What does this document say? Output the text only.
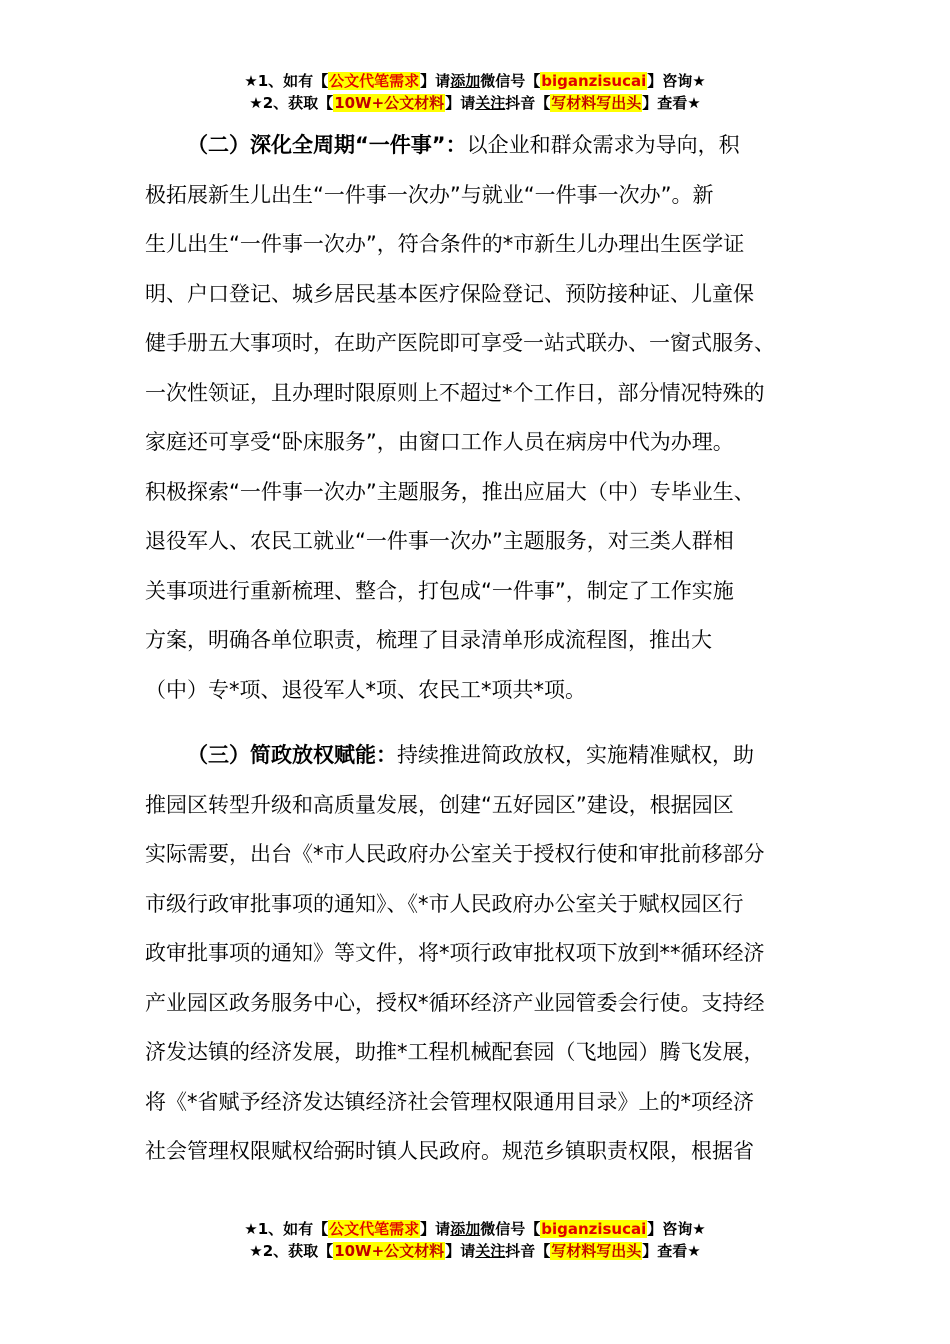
★1、如有【公文代笔需求】请添加微信号【biganzisucai】咨询★
★2、获取【10W+公文材料】请关注抖音【写材料写出头】查看★
（二）深化全周期“一件事”：以企业和群众需求为导向，积
极拓展新生儿出生“一件事一次办”与就业“一件事一次办”。新
生儿出生“一件事一次办”，符合条件的*市新生儿办理出生医学证
明、户口登记、城乡居民基本医疗保险登记、预防接种证、儿童保
健手册五大事项时，在助产医院即可享受一站式联办、一窗式服务、
一次性领证，且办理时限原则上不超过*个工作日，部分情况特殊的
家庭还可享受“卧床服务”，由窗口工作人员在病房中代为办理。
积极探索“一件事一次办”主题服务，推出应届大（中）专毕业生、
退役军人、农民工就业“一件事一次办”主题服务，对三类人群相
关事项进行重新梳理、整合，打包成“一件事”，制定了工作实施
方案，明确各单位职责，梳理了目录清单形成流程图，推出大
（中）专*项、退役军人*项、农民工*项共*项。
（三）简政放权赋能：持续推进简政放权，实施精准赋权，助
推园区转型升级和高质量发展，创建“五好园区”建设，根据园区
实际需要，出台《*市人民政府办公室关于授权行使和审批前移部分
市级行政审批事项的通知》、《*市人民政府办公室关于赋权园区行
政审批事项的通知》等文件，将*项行政审批权项下放到**循环经济
产业园区政务服务中心，授权*循环经济产业园管委会行使。支持经
济发达镇的经济发展，助推*工程机械配套园（飞地园）腾飞发展，
将《*省赋予经济发达镇经济社会管理权限通用目录》上的*项经济
社会管理权限赋权给弼时镇人民政府。规范乡镇职责权限，根据省
★1、如有【公文代笔需求】请添加微信号【biganzisucai】咨询★
★2、获取【10W+公文材料】请关注抖音【写材料写出头】查看★
